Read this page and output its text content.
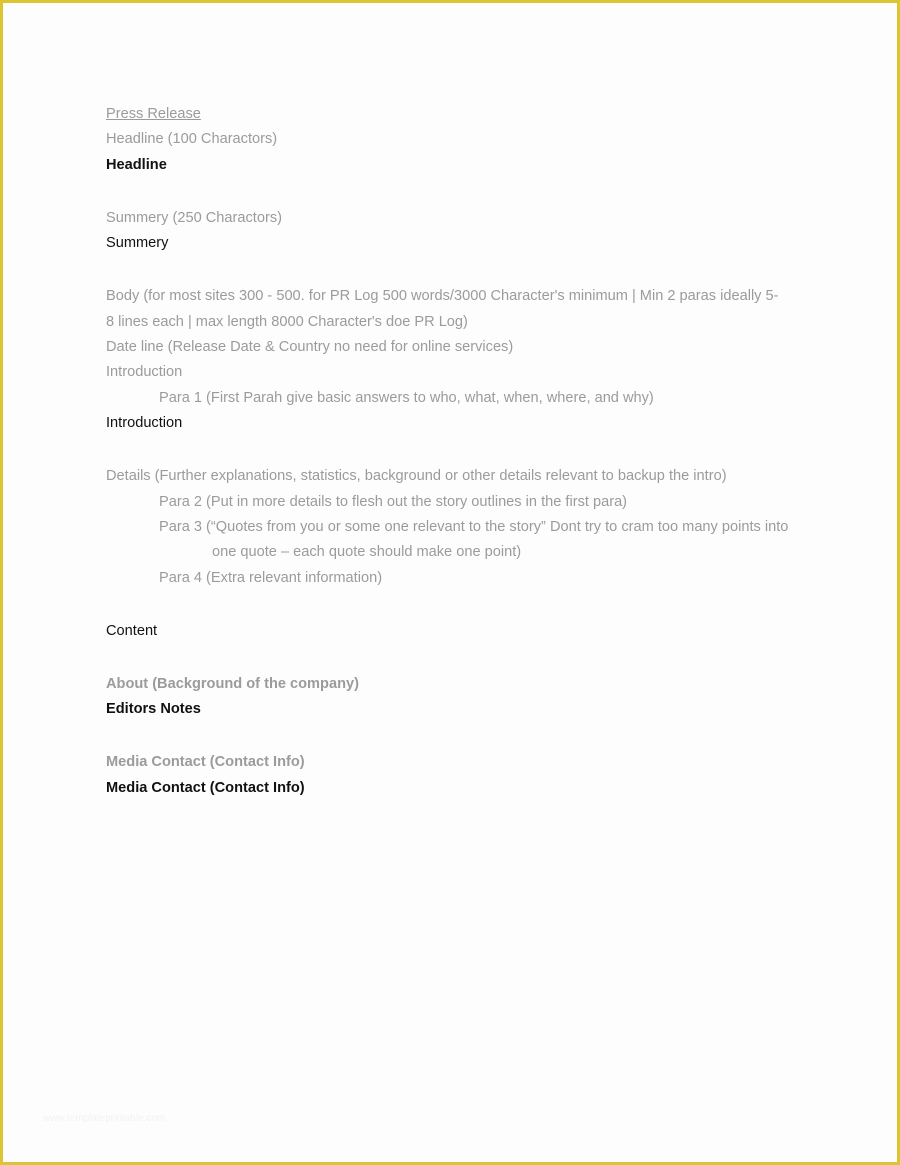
Press Release
Headline (100 Charactors)
Headline
Summery (250 Charactors)
Summery
Body (for most sites 300 - 500. for PR Log 500 words/3000 Character's minimum | Min 2 paras ideally 5-
8 lines each | max length 8000 Character's doe PR Log)
Date line (Release Date & Country no need for online services)
Introduction
Para 1 (First Parah give basic answers to who, what, when, where, and why)
Introduction
Details (Further explanations, statistics, background or other details relevant to backup the intro)
Para 2 (Put in more details to flesh out the story outlines in the first para)
Para 3 (“Quotes from you or some one relevant to the story” Dont try to cram too many points into
one quote – each quote should make one point)
Para 4 (Extra relevant information)
Content
About (Background of the company)
Editors Notes
Media Contact (Contact Info)
Media Contact (Contact Info)
www.templateprintable.com
